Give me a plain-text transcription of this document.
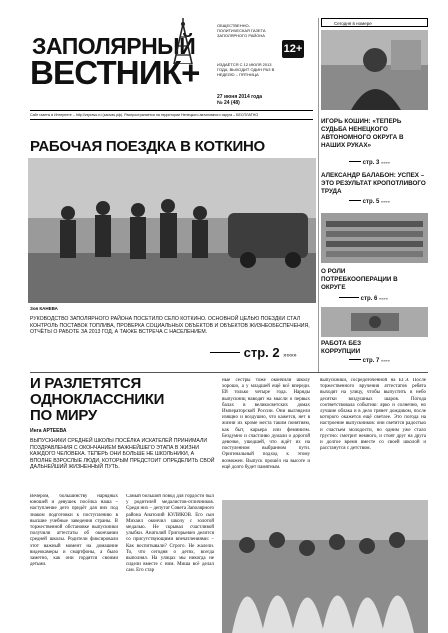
ЗАПОЛЯРНЫЙ
ВЕСТНИК+
ОБЩЕСТВЕННО-ПОЛИТИЧЕСКАЯ ГАЗЕТА ЗАПОЛЯРНОГО РАЙОНА
12+
ИЗДАЁТСЯ С 12 ИЮЛЯ 2013 ГОДА, ВЫХОДИТ ОДИН РАЗ В НЕДЕЛЮ – ПЯТНИЦА
27 июня 2014 года
№ 24 (48)
Сайт газеты в Интернете – http://vzpravo.ru (zaovas.рф). Распространяется на территории Ненецкого автономного округа – БЕСПЛАТНО
Сегодня в номере
ИГОРЬ КОШИН: «ТЕПЕРЬ СУДЬБА НЕНЕЦКОГО АВТОНОМНОГО ОКРУГА В НАШИХ РУКАХ»
стр. 3 »»»»
АЛЕКСАНДР БАЛАБОН: УСПЕХ – ЭТО РЕЗУЛЬТАТ КРОПОТЛИВОГО ТРУДА
стр. 5 »»»»
О РОЛИ ПОТРЕБКООПЕРАЦИИ В ОКРУГЕ
стр. 6 »»»»
РАБОТА БЕЗ КОРРУПЦИИ
стр. 7 »»»»
РАБОЧАЯ ПОЕЗДКА В КОТКИНО
Зоя КАНЕВА
РУКОВОДСТВО ЗАПОЛЯРНОГО РАЙОНА ПОСЕТИЛО СЕЛО КОТКИНО. ОСНОВНОЙ ЦЕЛЬЮ ПОЕЗДКИ СТАЛ КОНТРОЛЬ ПОСТАВОК ТОПЛИВА, ПРОВЕРКА СОЦИАЛЬНЫХ ОБЪЕКТОВ И ОБЪЕКТОВ ЖИЗНЕОБЕСПЕЧЕНИЯ, ОТЧЁТЫ О РАБОТЕ ЗА 2013 ГОД, А ТАКЖЕ ВСТРЕЧА С НАСЕЛЕНИЕМ.
стр. 2 »»»»
И РАЗЛЕТЯТСЯ
ОДНОКЛАССНИКИ
ПО МИРУ
Инга АРТЕЕВА
ВЫПУСКНИКИ СРЕДНЕЙ ШКОЛЫ ПОСЁЛКА ИСКАТЕЛЕЙ ПРИНИМАЛИ ПОЗДРАВЛЕНИЯ С ОКОНЧАНИЕМ ВАЖНЕЙШЕГО ЭТАПА В ЖИЗНИ КАЖДОГО ЧЕЛОВЕКА. ТЕПЕРЬ ОНИ БОЛЬШЕ НЕ ШКОЛЬНИКИ, А ВПОЛНЕ ВЗРОСЛЫЕ ЛЮДИ, КОТОРЫМ ПРЕДСТОИТ ОПРЕДЕЛИТЬ СВОЙ ДАЛЬНЕЙШИЙ ЖИЗНЕННЫЙ ПУТЬ.
Вечером, большинству нарядных юношей и девушек посёлка наша – наступление дето придёт для них под знаком подготовки к поступлению в высшие учебные заведения страны. В торжественной обстановке выпускники получили аттестаты об окончании средней школы. Родители фиксировали этот важный момент на домашние видеокамеры и смартфоны, а было заметно, как они гордятся своими детьми.
Самый большой повод для гордости был у родителей медалистов-отличников. Среди них – депутат Совета Заполярного района Анатолий КУЛИКОВ. Его сын Михаил окончил школу с золотой медалью. Не скрывал счастливой улыбки. Анатолий Григорьевич делится со присутствующими впечатлениями: – Как воспитывали? Строго. Не жалели. То, что сегодня о детях, всегда выполнял. На улицах мы никогда не сидели вместе с ним. Миша всё делал сам. Его стар
ные сестры тоже окончили школу хорошо, а у младшей ещё всё впереди. Ей только четыре года. Наряды выпускниц наводят на мысли о первых балах в великосветских домах Императорской России. Они выглядели изящно и воздушно, что кажется, нет в жизни их кроме места таким понятиям, как быт, карьера или феминизм. Бездумно и счастливо думали о дорогой девочке, ушедшей, что ждёт их на постуленном выбранном пути. Оригинальный подход к этому возможен. Выпуск прошёл на высоте и ещё долго будет памятным.
выпускники, сосредоточенной на ЕГЭ. После торжественного вручения аттестатов ребята выходят на улицу, чтобы выпустить в небо десятки воздушных шаров. Погода соответствовала событию: ярко и солнечно, но лучшие облака и в дело грянет дождиком, после которого окажется ещё светлее. Это погода на настроение выпускников: они светятся радостью и счастьем молодости, но одним уже стало грустно: смотрит немного, и стоят друг на друга и долгое время вместе со своей школой и расстанутся с детством.
